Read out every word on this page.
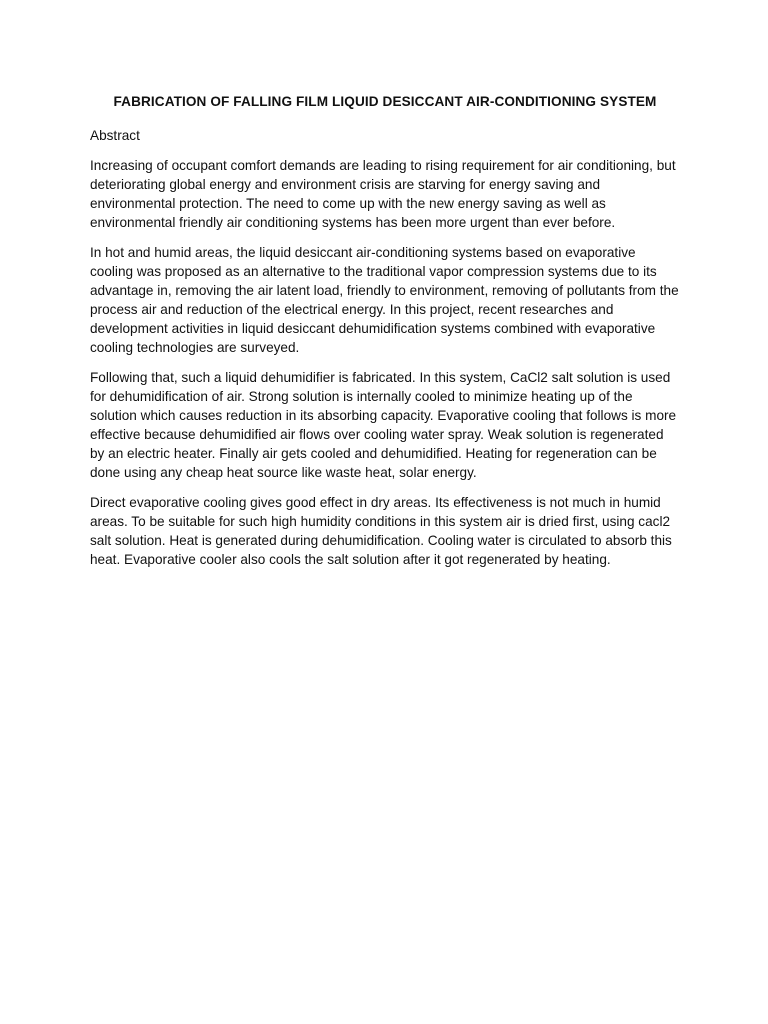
FABRICATION OF FALLING FILM LIQUID DESICCANT AIR-CONDITIONING SYSTEM
Abstract

Increasing of occupant comfort demands are leading to rising requirement for air conditioning, but deteriorating global energy and environment crisis are starving for energy saving and environmental protection. The need to come up with the new energy saving as well as environmental friendly air conditioning systems has been more urgent than ever before.

In hot and humid areas, the liquid desiccant air-conditioning systems based on evaporative cooling was proposed as an alternative to the traditional vapor compression systems due to its advantage in, removing the air latent load, friendly to environment, removing of pollutants from the process air and reduction of the electrical energy. In this project, recent researches and development activities in liquid desiccant dehumidification systems combined with evaporative cooling technologies are surveyed.

Following that, such a liquid dehumidifier is fabricated. In this system, CaCl2 salt solution is used for dehumidification of air. Strong solution is internally cooled to minimize heating up of the solution which causes reduction in its absorbing capacity. Evaporative cooling that follows is more effective because dehumidified air flows over cooling water spray. Weak solution is regenerated by an electric heater. Finally air gets cooled and dehumidified. Heating for regeneration can be done using any cheap heat source like waste heat, solar energy.

Direct evaporative cooling gives good effect in dry areas. Its effectiveness is not much in humid areas. To be suitable for such high humidity conditions in this system air is dried first, using cacl2 salt solution. Heat is generated during dehumidification. Cooling water is circulated to absorb this heat. Evaporative cooler also cools the salt solution after it got regenerated by heating.
